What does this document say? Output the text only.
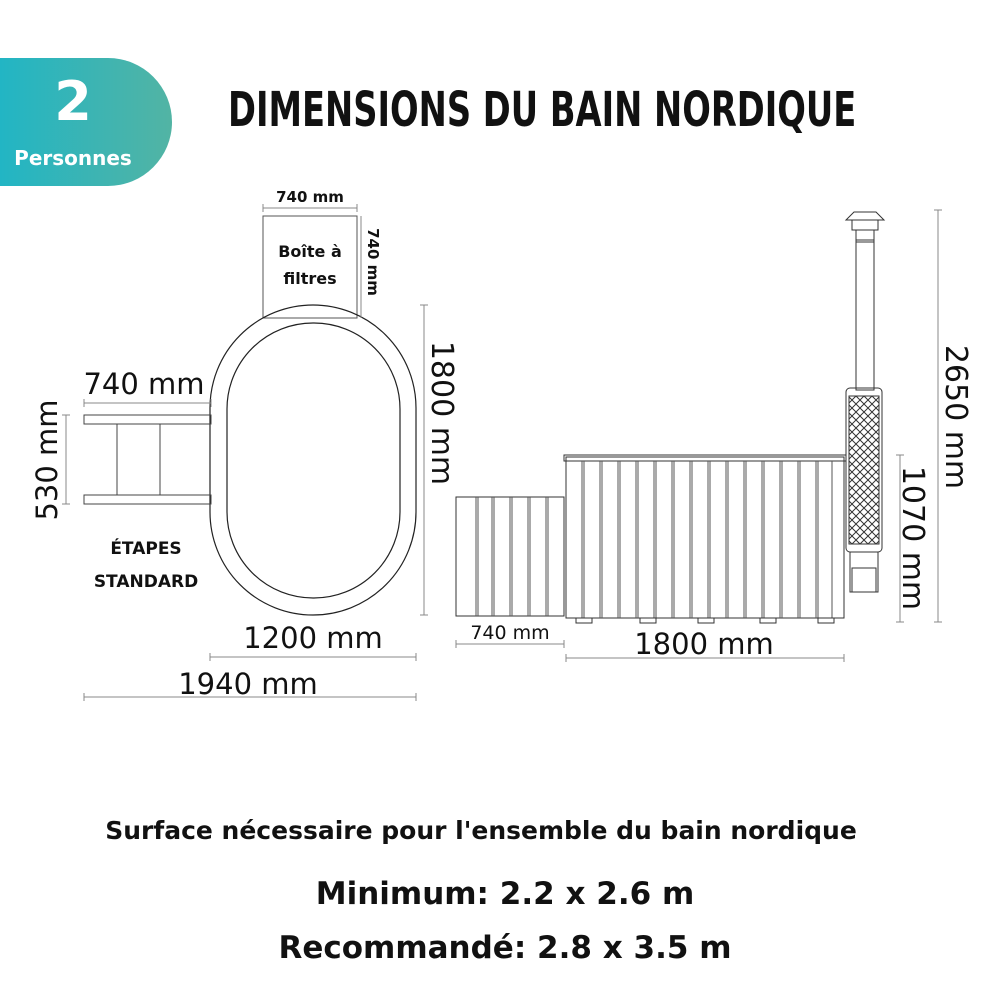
2
Personnes
DIMENSIONS DU BAIN NORDIQUE
Boîte à
filtres
740 mm
740 mm
1800 mm
740 mm
530 mm
ÉTAPES
STANDARD
1200 mm
1940 mm
740 mm	1800 mm
2650 mm
1070 mm
Surface nécessaire pour l'ensemble du bain nordique
Minimum: 2.2 x 2.6 m
Recommandé: 2.8 x 3.5 m
